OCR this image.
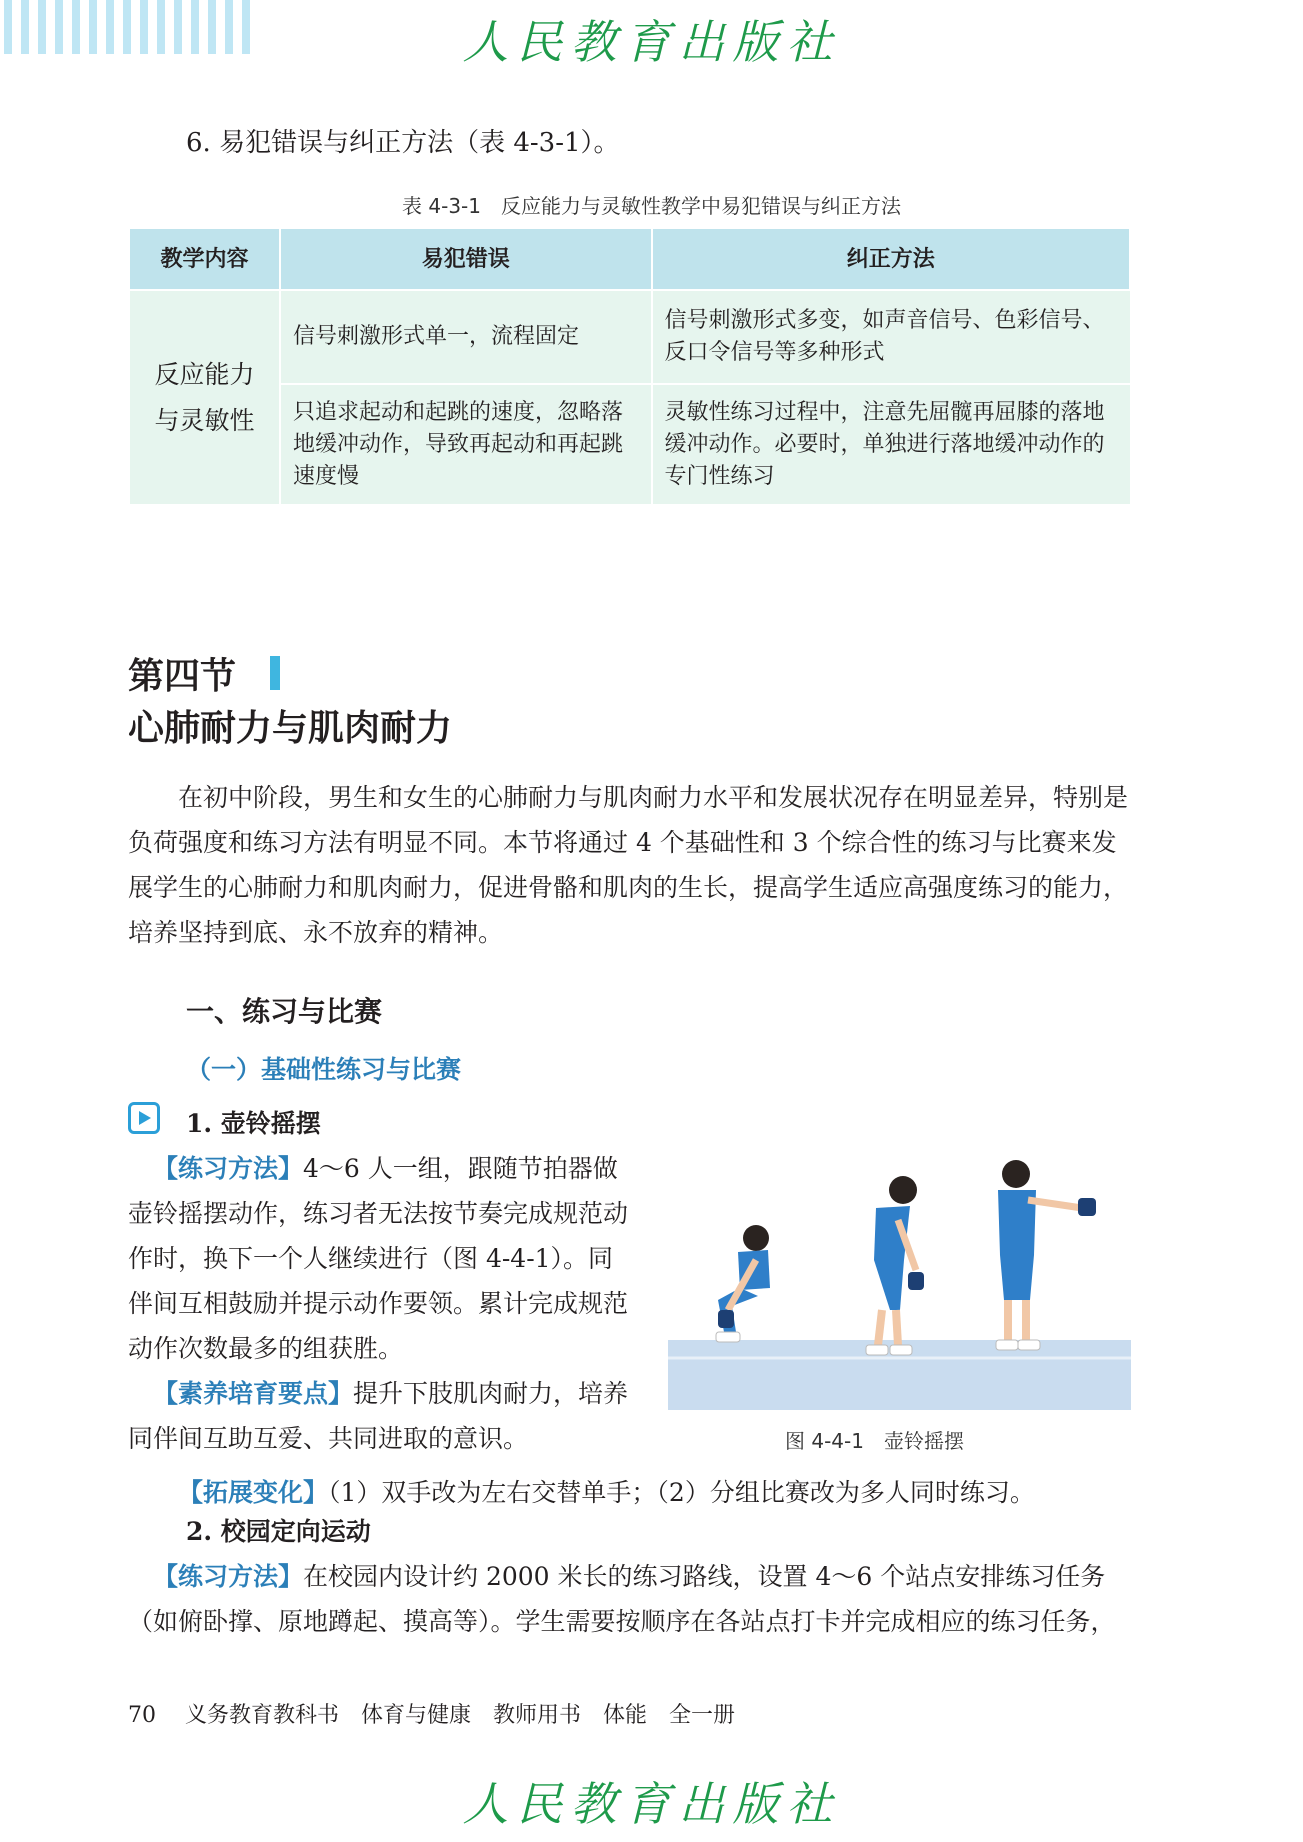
人民教育出版社
6. 易犯错误与纠正方法（表 4-3-1）。
表 4-3-1　反应能力与灵敏性教学中易犯错误与纠正方法
教学内容	易犯错误	纠正方法

反应能力与灵敏性	信号刺激形式单一，流程固定	信号刺激形式多变，如声音信号、色彩信号、反口令信号等多种形式
	只追求起动和起跳的速度，忽略落地缓冲动作，导致再起动和再起跳速度慢	灵敏性练习过程中，注意先屈髋再屈膝的落地缓冲动作。必要时，单独进行落地缓冲动作的专门性练习
第四节
心肺耐力与肌肉耐力
在初中阶段，男生和女生的心肺耐力与肌肉耐力水平和发展状况存在明显差异，特别是负荷强度和练习方法有明显不同。本节将通过 4 个基础性和 3 个综合性的练习与比赛来发展学生的心肺耐力和肌肉耐力，促进骨骼和肌肉的生长，提高学生适应高强度练习的能力，培养坚持到底、永不放弃的精神。
一、练习与比赛
（一）基础性练习与比赛
1. 壶铃摇摆
【练习方法】4～6 人一组，跟随节拍器做壶铃摇摆动作，练习者无法按节奏完成规范动作时，换下一个人继续进行（图 4-4-1）。同伴间互相鼓励并提示动作要领。累计完成规范动作次数最多的组获胜。
【素养培育要点】提升下肢肌肉耐力，培养同伴间互助互爱、共同进取的意识。	图 4-4-1　壶铃摇摆
【拓展变化】（1）双手改为左右交替单手；（2）分组比赛改为多人同时练习。
2. 校园定向运动
【练习方法】在校园内设计约 2000 米长的练习路线，设置 4～6 个站点安排练习任务（如俯卧撑、原地蹲起、摸高等）。学生需要按顺序在各站点打卡并完成相应的练习任务，
70 义务教育教科书　体育与健康　教师用书　体能　全一册
人民教育出版社
